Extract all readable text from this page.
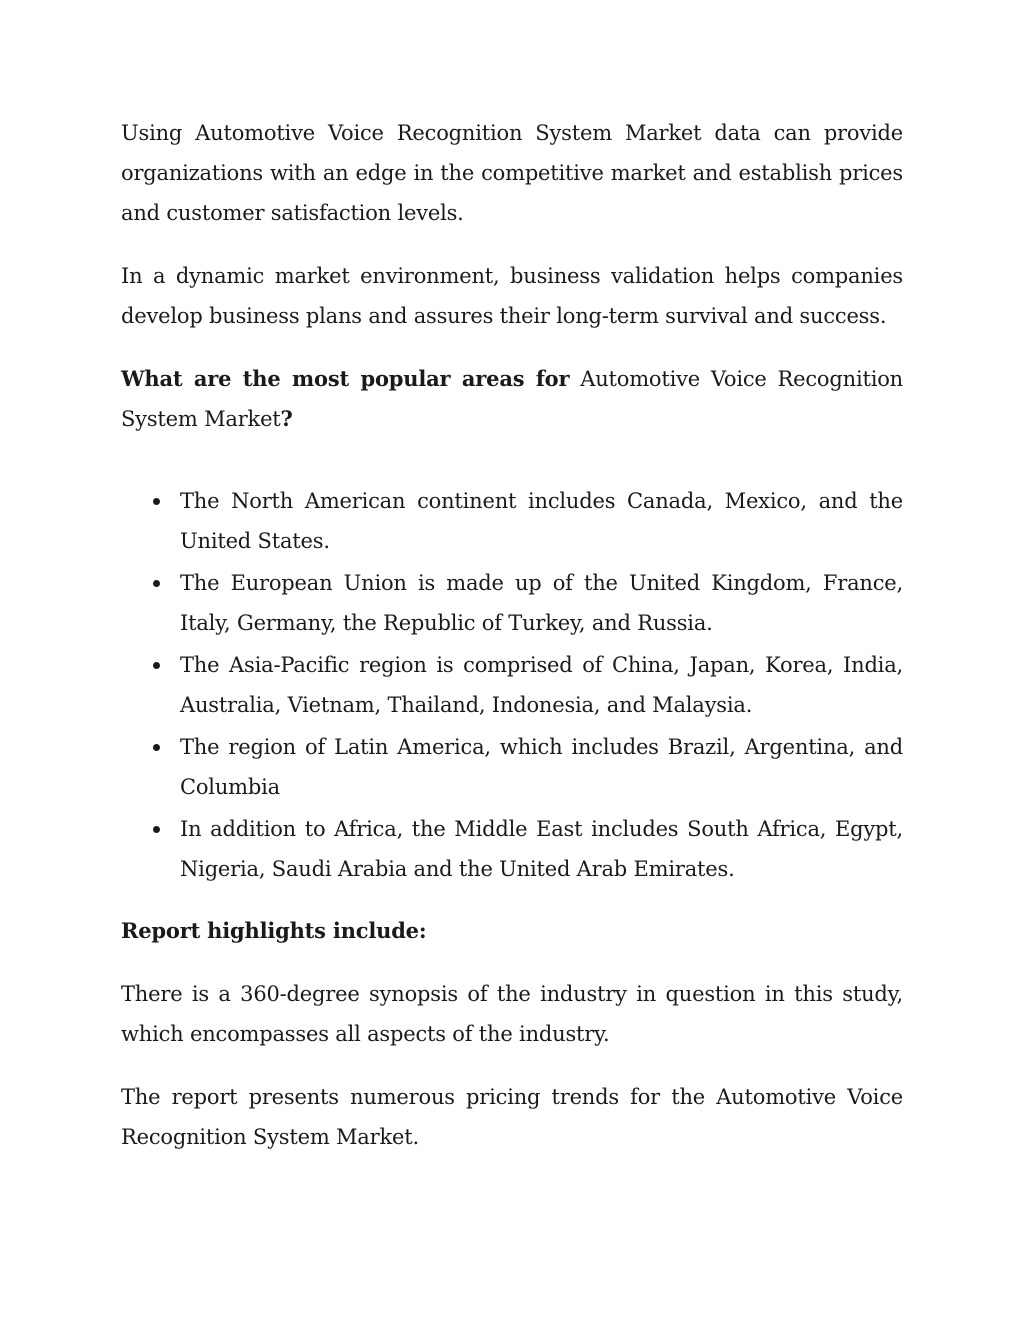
Using Automotive Voice Recognition System Market data can provide organizations with an edge in the competitive market and establish prices and customer satisfaction levels.

In a dynamic market environment, business validation helps companies develop business plans and assures their long-term survival and success.

What are the most popular areas for Automotive Voice Recognition System Market?

The North American continent includes Canada, Mexico, and the United States.
The European Union is made up of the United Kingdom, France, Italy, Germany, the Republic of Turkey, and Russia.
The Asia-Pacific region is comprised of China, Japan, Korea, India, Australia, Vietnam, Thailand, Indonesia, and Malaysia.
The region of Latin America, which includes Brazil, Argentina, and Columbia
In addition to Africa, the Middle East includes South Africa, Egypt, Nigeria, Saudi Arabia and the United Arab Emirates.

Report highlights include:

There is a 360-degree synopsis of the industry in question in this study, which encompasses all aspects of the industry.

The report presents numerous pricing trends for the Automotive Voice Recognition System Market.
